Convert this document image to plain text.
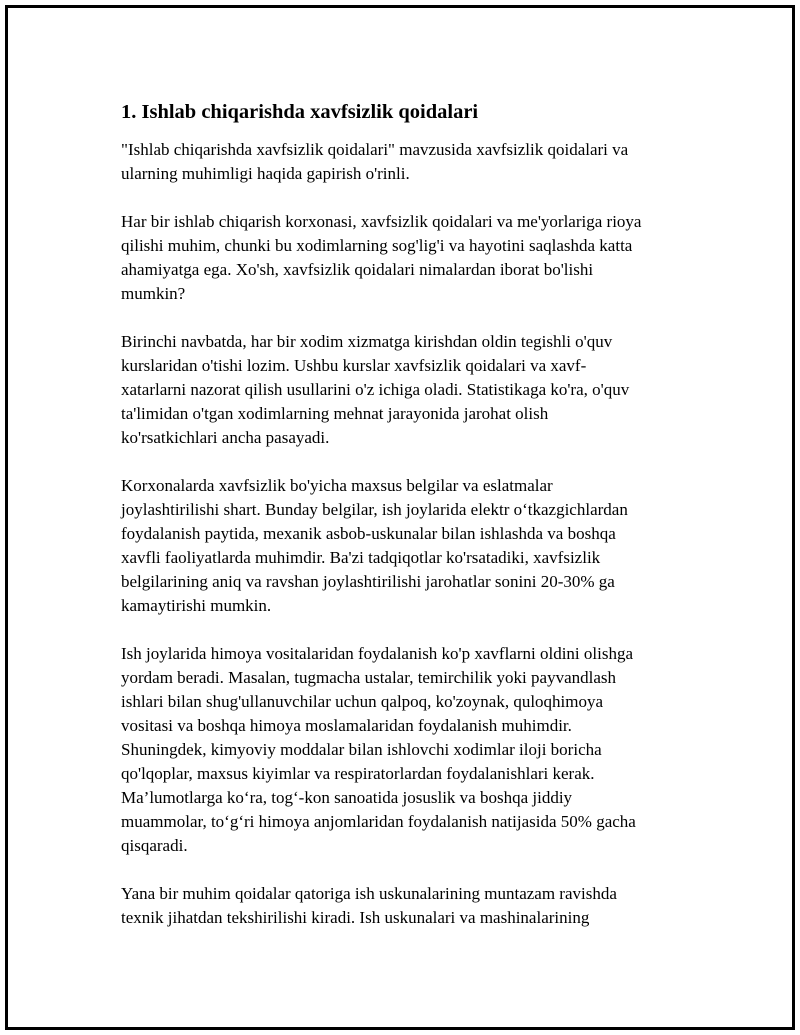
1. Ishlab chiqarishda xavfsizlik qoidalari
"Ishlab chiqarishda xavfsizlik qoidalari" mavzusida xavfsizlik qoidalari va
ularning muhimligi haqida gapirish o'rinli.
Har bir ishlab chiqarish korxonasi, xavfsizlik qoidalari va me'yorlariga rioya
qilishi muhim, chunki bu xodimlarning sog'lig'i va hayotini saqlashda katta
ahamiyatga ega. Xo'sh, xavfsizlik qoidalari nimalardan iborat bo'lishi
mumkin?
Birinchi navbatda, har bir xodim xizmatga kirishdan oldin tegishli o'quv
kurslaridan o'tishi lozim. Ushbu kurslar xavfsizlik qoidalari va xavf-
xatarlarni nazorat qilish usullarini o'z ichiga oladi. Statistikaga ko'ra, o'quv
ta'limidan o'tgan xodimlarning mehnat jarayonida jarohat olish
ko'rsatkichlari ancha pasayadi.
Korxonalarda xavfsizlik bo'yicha maxsus belgilar va eslatmalar
joylashtirilishi shart. Bunday belgilar, ish joylarida elektr o‘tkazgichlardan
foydalanish paytida, mexanik asbob-uskunalar bilan ishlashda va boshqa
xavfli faoliyatlarda muhimdir. Ba'zi tadqiqotlar ko'rsatadiki, xavfsizlik
belgilarining aniq va ravshan joylashtirilishi jarohatlar sonini 20-30% ga
kamaytirishi mumkin.
Ish joylarida himoya vositalaridan foydalanish ko'p xavflarni oldini olishga
yordam beradi. Masalan, tugmacha ustalar, temirchilik yoki payvandlash
ishlari bilan shug'ullanuvchilar uchun qalpoq, ko'zoynak, quloqhimoya
vositasi va boshqa himoya moslamalaridan foydalanish muhimdir.
Shuningdek, kimyoviy moddalar bilan ishlovchi xodimlar iloji boricha
qo'lqoplar, maxsus kiyimlar va respiratorlardan foydalanishlari kerak.
Ma’lumotlarga ko‘ra, tog‘-kon sanoatida josuslik va boshqa jiddiy
muammolar, to‘g‘ri himoya anjomlaridan foydalanish natijasida 50% gacha
qisqaradi.
Yana bir muhim qoidalar qatoriga ish uskunalarining muntazam ravishda
texnik jihatdan tekshirilishi kiradi. Ish uskunalari va mashinalarining
